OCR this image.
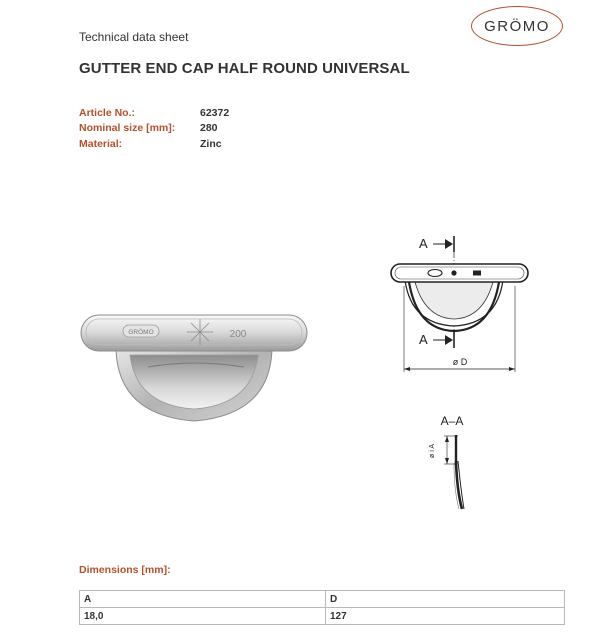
Technical data sheet
GRÖMO
GUTTER END CAP HALF ROUND UNIVERSAL
Article No.:	62372
Nominal size [mm]:	280
Material:	Zinc
GRÖMO	200
A
A
ø D
A–A
ø i A
Dimensions [mm]:
A	D
18,0	127
